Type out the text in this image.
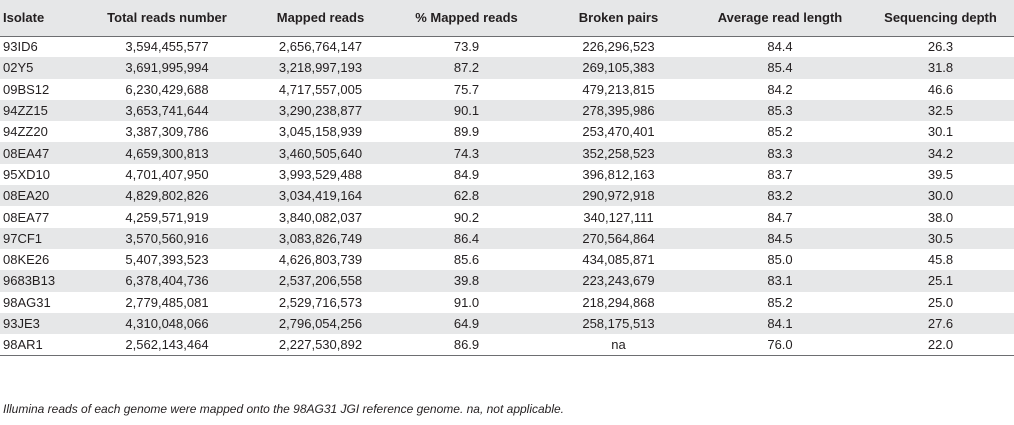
Isolate	Total reads number	Mapped reads	% Mapped reads	Broken pairs	Average read length	Sequencing depth
93ID6	3,594,455,577	2,656,764,147	73.9	226,296,523	84.4	26.3
02Y5	3,691,995,994	3,218,997,193	87.2	269,105,383	85.4	31.8
09BS12	6,230,429,688	4,717,557,005	75.7	479,213,815	84.2	46.6
94ZZ15	3,653,741,644	3,290,238,877	90.1	278,395,986	85.3	32.5
94ZZ20	3,387,309,786	3,045,158,939	89.9	253,470,401	85.2	30.1
08EA47	4,659,300,813	3,460,505,640	74.3	352,258,523	83.3	34.2
95XD10	4,701,407,950	3,993,529,488	84.9	396,812,163	83.7	39.5
08EA20	4,829,802,826	3,034,419,164	62.8	290,972,918	83.2	30.0
08EA77	4,259,571,919	3,840,082,037	90.2	340,127,111	84.7	38.0
97CF1	3,570,560,916	3,083,826,749	86.4	270,564,864	84.5	30.5
08KE26	5,407,393,523	4,626,803,739	85.6	434,085,871	85.0	45.8
9683B13	6,378,404,736	2,537,206,558	39.8	223,243,679	83.1	25.1
98AG31	2,779,485,081	2,529,716,573	91.0	218,294,868	85.2	25.0
93JE3	4,310,048,066	2,796,054,256	64.9	258,175,513	84.1	27.6
98AR1	2,562,143,464	2,227,530,892	86.9	na	76.0	22.0
Illumina reads of each genome were mapped onto the 98AG31 JGI reference genome. na, not applicable.
